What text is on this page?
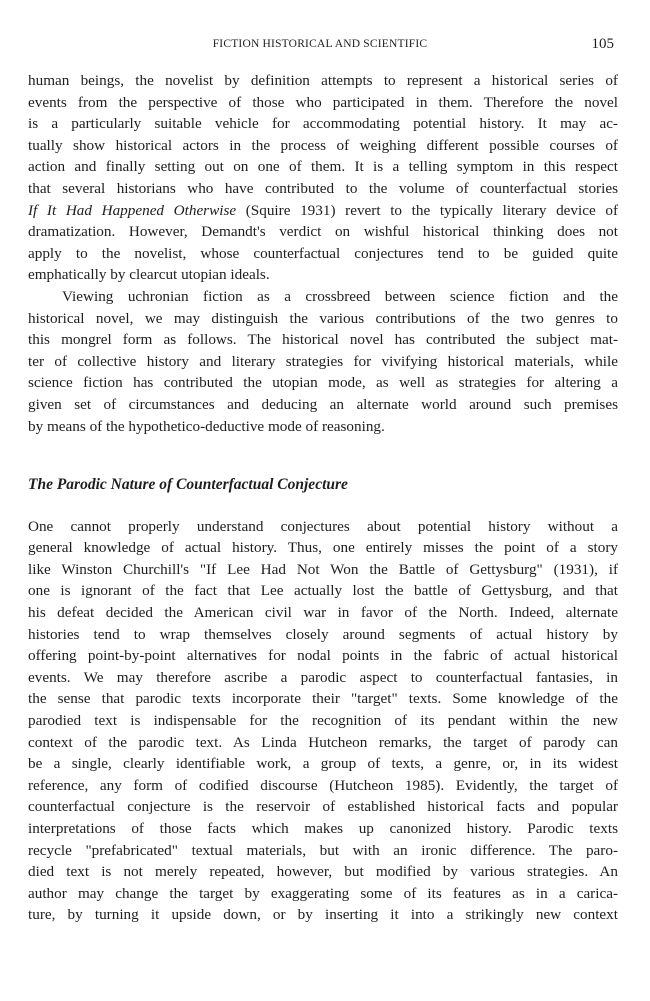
FICTION HISTORICAL AND SCIENTIFIC	105

human beings, the novelist by definition attempts to represent a historical series of
events from the perspective of those who participated in them. Therefore the novel
is a particularly suitable vehicle for accommodating potential history. It may ac-
tually show historical actors in the process of weighing different possible courses of
action and finally setting out on one of them. It is a telling symptom in this respect
that several historians who have contributed to the volume of counterfactual stories
If It Had Happened Otherwise (Squire 1931) revert to the typically literary device of
dramatization. However, Demandt's verdict on wishful historical thinking does not
apply to the novelist, whose counterfactual conjectures tend to be guided quite
emphatically by clearcut utopian ideals.

Viewing uchronian fiction as a crossbreed between science fiction and the
historical novel, we may distinguish the various contributions of the two genres to
this mongrel form as follows. The historical novel has contributed the subject mat-
ter of collective history and literary strategies for vivifying historical materials, while
science fiction has contributed the utopian mode, as well as strategies for altering a
given set of circumstances and deducing an alternate world around such premises
by means of the hypothetico-deductive mode of reasoning.

The Parodic Nature of Counterfactual Conjecture

One cannot properly understand conjectures about potential history without a
general knowledge of actual history. Thus, one entirely misses the point of a story
like Winston Churchill's "If Lee Had Not Won the Battle of Gettysburg" (1931), if
one is ignorant of the fact that Lee actually lost the battle of Gettysburg, and that
his defeat decided the American civil war in favor of the North. Indeed, alternate
histories tend to wrap themselves closely around segments of actual history by
offering point-by-point alternatives for nodal points in the fabric of actual historical
events. We may therefore ascribe a parodic aspect to counterfactual fantasies, in
the sense that parodic texts incorporate their "target" texts. Some knowledge of the
parodied text is indispensable for the recognition of its pendant within the new
context of the parodic text. As Linda Hutcheon remarks, the target of parody can
be a single, clearly identifiable work, a group of texts, a genre, or, in its widest
reference, any form of codified discourse (Hutcheon 1985). Evidently, the target of
counterfactual conjecture is the reservoir of established historical facts and popular
interpretations of those facts which makes up canonized history. Parodic texts
recycle "prefabricated" textual materials, but with an ironic difference. The paro-
died text is not merely repeated, however, but modified by various strategies. An
author may change the target by exaggerating some of its features as in a carica-
ture, by turning it upside down, or by inserting it into a strikingly new context
